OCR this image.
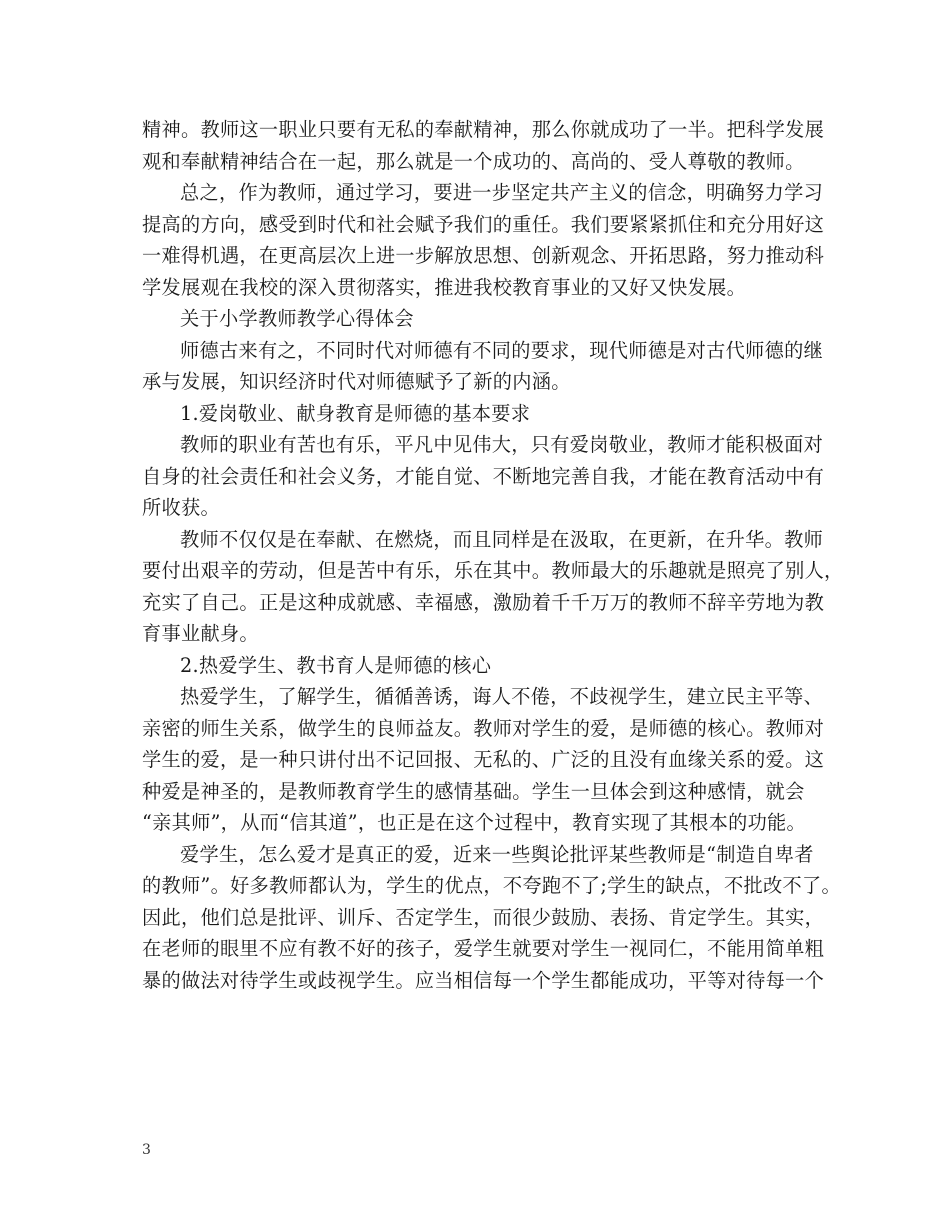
精神。教师这一职业只要有无私的奉献精神，那么你就成功了一半。把科学发展
观和奉献精神结合在一起，那么就是一个成功的、高尚的、受人尊敬的教师。
总之，作为教师，通过学习，要进一步坚定共产主义的信念，明确努力学习
提高的方向，感受到时代和社会赋予我们的重任。我们要紧紧抓住和充分用好这
一难得机遇，在更高层次上进一步解放思想、创新观念、开拓思路，努力推动科
学发展观在我校的深入贯彻落实，推进我校教育事业的又好又快发展。
关于小学教师教学心得体会
师德古来有之，不同时代对师德有不同的要求，现代师德是对古代师德的继
承与发展，知识经济时代对师德赋予了新的内涵。
1.爱岗敬业、献身教育是师德的基本要求
教师的职业有苦也有乐，平凡中见伟大，只有爱岗敬业，教师才能积极面对
自身的社会责任和社会义务，才能自觉、不断地完善自我，才能在教育活动中有
所收获。
教师不仅仅是在奉献、在燃烧，而且同样是在汲取，在更新，在升华。教师
要付出艰辛的劳动，但是苦中有乐，乐在其中。教师最大的乐趣就是照亮了别人，
充实了自己。正是这种成就感、幸福感，激励着千千万万的教师不辞辛劳地为教
育事业献身。
2.热爱学生、教书育人是师德的核心
热爱学生，了解学生，循循善诱，诲人不倦，不歧视学生，建立民主平等、
亲密的师生关系，做学生的良师益友。教师对学生的爱，是师德的核心。教师对
学生的爱，是一种只讲付出不记回报、无私的、广泛的且没有血缘关系的爱。这
种爱是神圣的，是教师教育学生的感情基础。学生一旦体会到这种感情，就会
“亲其师”，从而“信其道”，也正是在这个过程中，教育实现了其根本的功能。
爱学生，怎么爱才是真正的爱，近来一些舆论批评某些教师是“制造自卑者
的教师”。好多教师都认为，学生的优点，不夸跑不了;学生的缺点，不批改不了。
因此，他们总是批评、训斥、否定学生，而很少鼓励、表扬、肯定学生。其实，
在老师的眼里不应有教不好的孩子，爱学生就要对学生一视同仁，不能用简单粗
暴的做法对待学生或歧视学生。应当相信每一个学生都能成功，平等对待每一个
3
